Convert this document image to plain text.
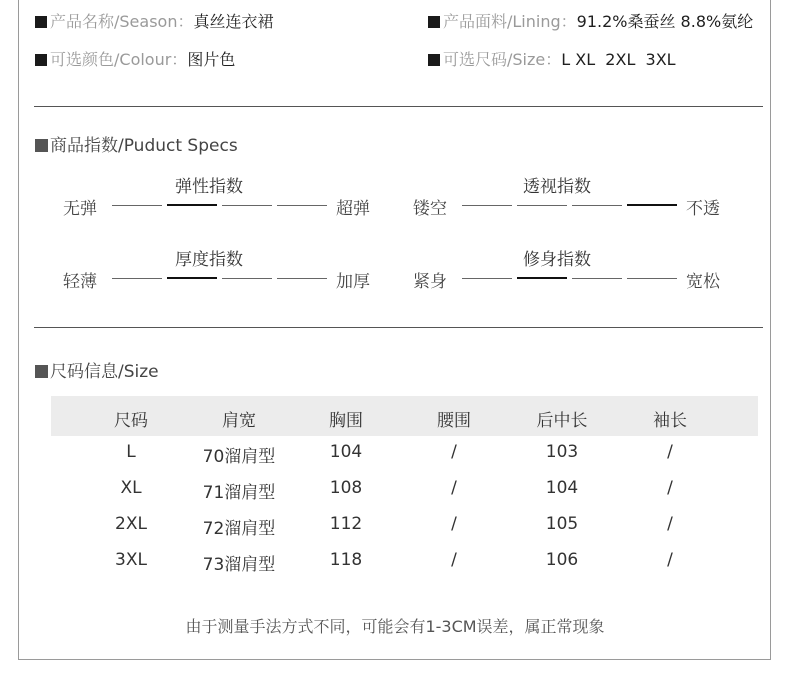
产品名称/Season：真丝连衣裙	产品面料/Lining：91.2%桑蚕丝 8.8%氨纶
可选颜色/Colour：图片色	可选尺码/Size：L XL  2XL  3XL
商品指数/Puduct Specs
弹性指数
无弹	超弹
透视指数
镂空	不透
厚度指数
轻薄	加厚
修身指数
紧身	宽松
尺码信息/Size
尺码	肩宽	胸围	腰围	后中长	袖长
L	70溜肩型	104	/	103	/
XL	71溜肩型	108	/	104	/
2XL	72溜肩型	112	/	105	/
3XL	73溜肩型	118	/	106	/
由于测量手法方式不同，可能会有1-3CM误差，属正常现象
